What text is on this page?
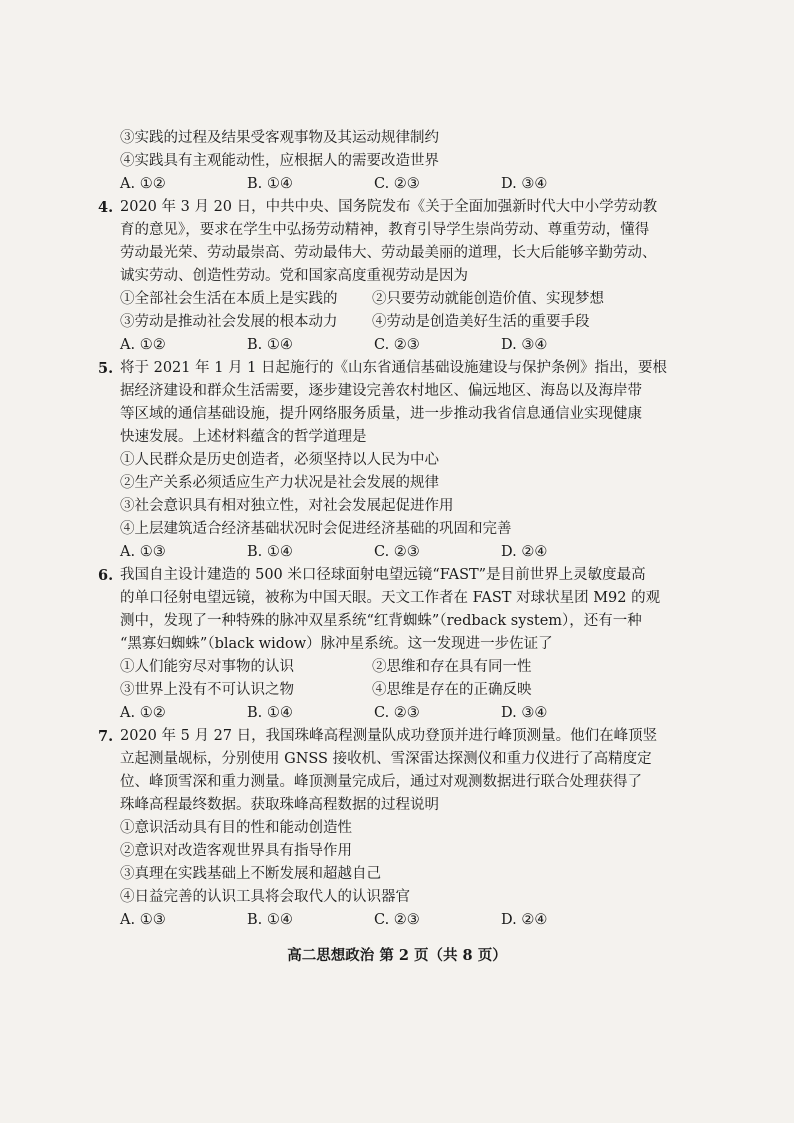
③实践的过程及结果受客观事物及其运动规律制约
④实践具有主观能动性，应根据人的需要改造世界
A. ①②	B. ①④	C. ②③	D. ③④
4. 2020 年 3 月 20 日，中共中央、国务院发布《关于全面加强新时代大中小学劳动教
育的意见》，要求在学生中弘扬劳动精神，教育引导学生崇尚劳动、尊重劳动，懂得
劳动最光荣、劳动最崇高、劳动最伟大、劳动最美丽的道理，长大后能够辛勤劳动、
诚实劳动、创造性劳动。党和国家高度重视劳动是因为
①全部社会生活在本质上是实践的	②只要劳动就能创造价值、实现梦想
③劳动是推动社会发展的根本动力	④劳动是创造美好生活的重要手段
A. ①②	B. ①④	C. ②③	D. ③④
5. 将于 2021 年 1 月 1 日起施行的《山东省通信基础设施建设与保护条例》指出，要根
据经济建设和群众生活需要，逐步建设完善农村地区、偏远地区、海岛以及海岸带
等区域的通信基础设施，提升网络服务质量，进一步推动我省信息通信业实现健康
快速发展。上述材料蕴含的哲学道理是
①人民群众是历史创造者，必须坚持以人民为中心
②生产关系必须适应生产力状况是社会发展的规律
③社会意识具有相对独立性，对社会发展起促进作用
④上层建筑适合经济基础状况时会促进经济基础的巩固和完善
A. ①③	B. ①④	C. ②③	D. ②④
6. 我国自主设计建造的 500 米口径球面射电望远镜“FAST”是目前世界上灵敏度最高
的单口径射电望远镜，被称为中国天眼。天文工作者在 FAST 对球状星团 M92 的观
测中，发现了一种特殊的脉冲双星系统“红背蜘蛛”（redback system），还有一种
“黑寡妇蜘蛛”（black widow）脉冲星系统。这一发现进一步佐证了
①人们能穷尽对事物的认识	②思维和存在具有同一性
③世界上没有不可认识之物	④思维是存在的正确反映
A. ①②	B. ①④	C. ②③	D. ③④
7. 2020 年 5 月 27 日，我国珠峰高程测量队成功登顶并进行峰顶测量。他们在峰顶竖
立起测量觇标，分别使用 GNSS 接收机、雪深雷达探测仪和重力仪进行了高精度定
位、峰顶雪深和重力测量。峰顶测量完成后，通过对观测数据进行联合处理获得了
珠峰高程最终数据。获取珠峰高程数据的过程说明
①意识活动具有目的性和能动创造性
②意识对改造客观世界具有指导作用
③真理在实践基础上不断发展和超越自己
④日益完善的认识工具将会取代人的认识器官
A. ①③	B. ①④	C. ②③	D. ②④
高二思想政治 第 2 页（共 8 页）
